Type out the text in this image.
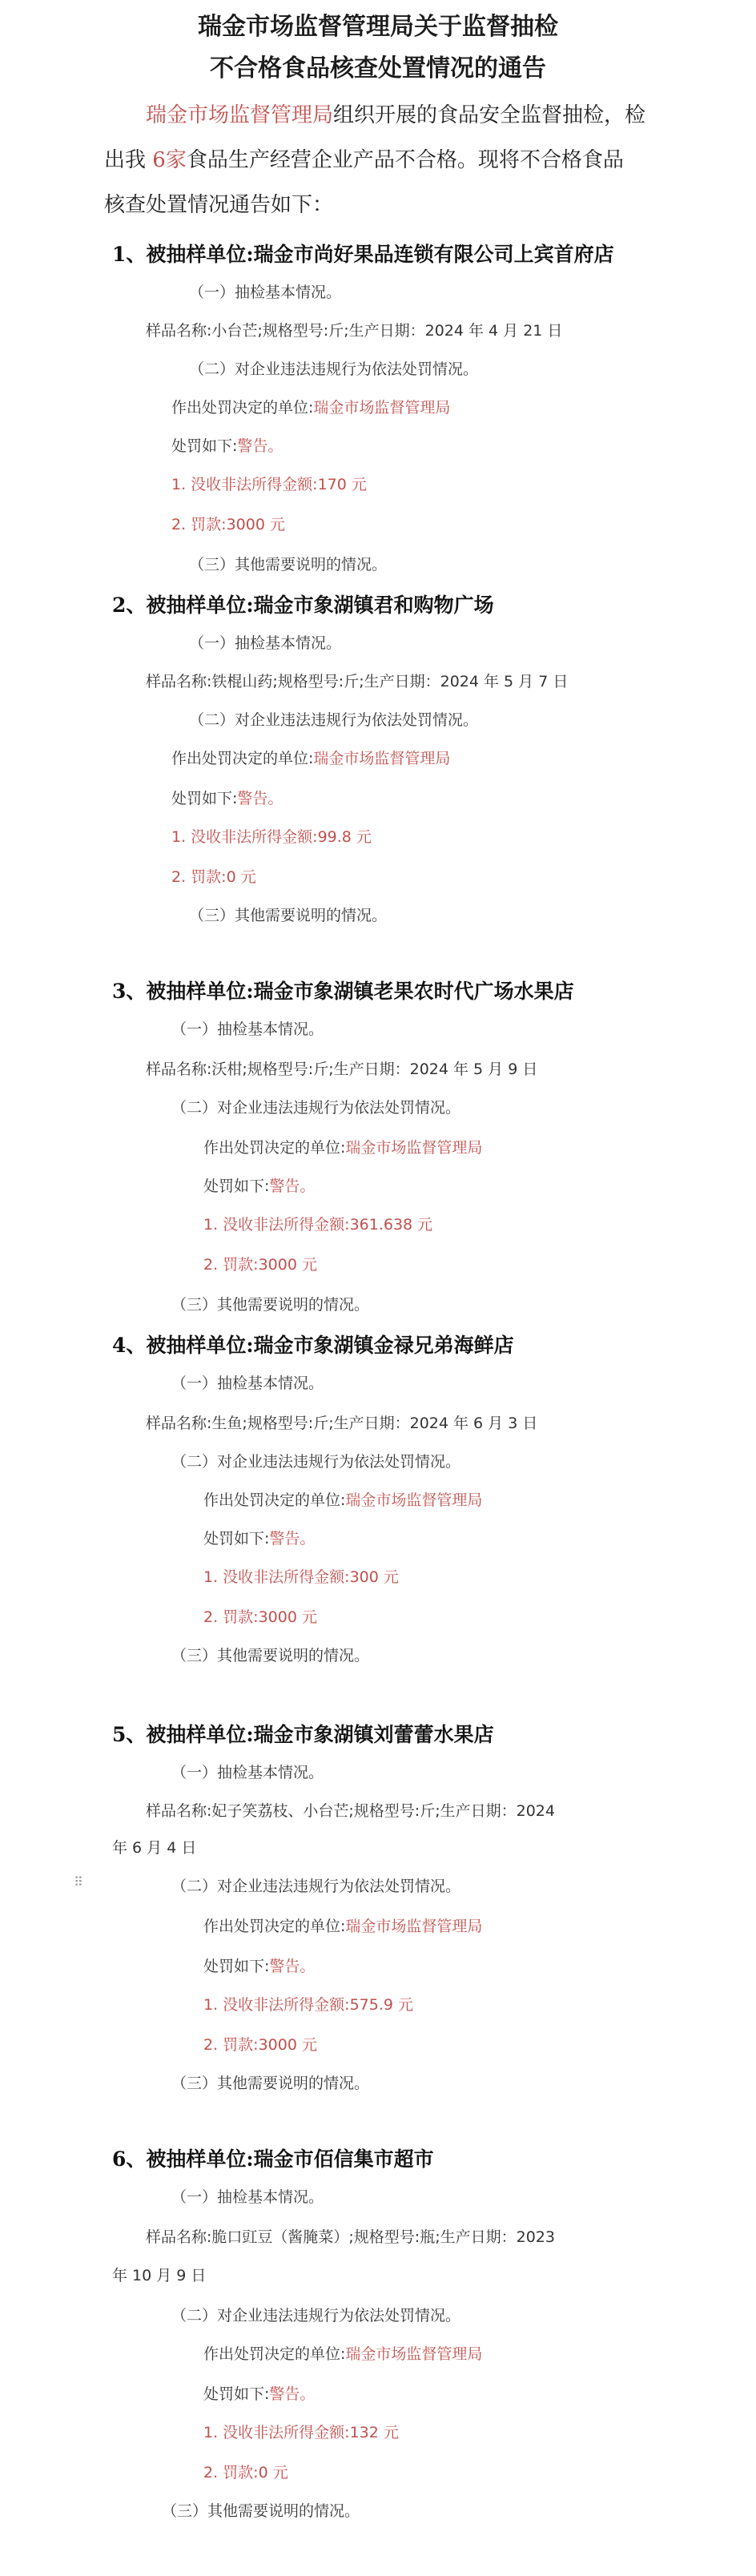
瑞金市场监督管理局关于监督抽检
不合格食品核查处置情况的通告
瑞金市场监督管理局组织开展的食品安全监督抽检，检
出我 6家食品生产经营企业产品不合格。现将不合格食品
核查处置情况通告如下：
1、被抽样单位:瑞金市尚好果品连锁有限公司上宾首府店
（一）抽检基本情况。
样品名称:小台芒;规格型号:斤;生产日期：2024 年 4 月 21 日
（二）对企业违法违规行为依法处罚情况。
作出处罚决定的单位:瑞金市场监督管理局
处罚如下:警告。
1. 没收非法所得金额:170 元
2. 罚款:3000 元
（三）其他需要说明的情况。
2、被抽样单位:瑞金市象湖镇君和购物广场
（一）抽检基本情况。
样品名称:铁棍山药;规格型号:斤;生产日期：2024 年 5 月 7 日
（二）对企业违法违规行为依法处罚情况。
作出处罚决定的单位:瑞金市场监督管理局
处罚如下:警告。
1. 没收非法所得金额:99.8 元
2. 罚款:0 元
（三）其他需要说明的情况。
3、被抽样单位:瑞金市象湖镇老果农时代广场水果店
（一）抽检基本情况。
样品名称:沃柑;规格型号:斤;生产日期：2024 年 5 月 9 日
（二）对企业违法违规行为依法处罚情况。
作出处罚决定的单位:瑞金市场监督管理局
处罚如下:警告。
1. 没收非法所得金额:361.638 元
2. 罚款:3000 元
（三）其他需要说明的情况。
4、被抽样单位:瑞金市象湖镇金禄兄弟海鲜店
（一）抽检基本情况。
样品名称:生鱼;规格型号:斤;生产日期：2024 年 6 月 3 日
（二）对企业违法违规行为依法处罚情况。
作出处罚决定的单位:瑞金市场监督管理局
处罚如下:警告。
1. 没收非法所得金额:300 元
2. 罚款:3000 元
（三）其他需要说明的情况。
5、被抽样单位:瑞金市象湖镇刘蕾蕾水果店
（一）抽检基本情况。
样品名称:妃子笑荔枝、小台芒;规格型号:斤;生产日期：2024
年 6 月 4 日
⠿	（二）对企业违法违规行为依法处罚情况。
作出处罚决定的单位:瑞金市场监督管理局
处罚如下:警告。
1. 没收非法所得金额:575.9 元
2. 罚款:3000 元
（三）其他需要说明的情况。
6、被抽样单位:瑞金市佰信集市超市
（一）抽检基本情况。
样品名称:脆口豇豆（酱腌菜）;规格型号:瓶;生产日期：2023
年 10 月 9 日
（二）对企业违法违规行为依法处罚情况。
作出处罚决定的单位:瑞金市场监督管理局
处罚如下:警告。
1. 没收非法所得金额:132 元
2. 罚款:0 元
（三）其他需要说明的情况。
